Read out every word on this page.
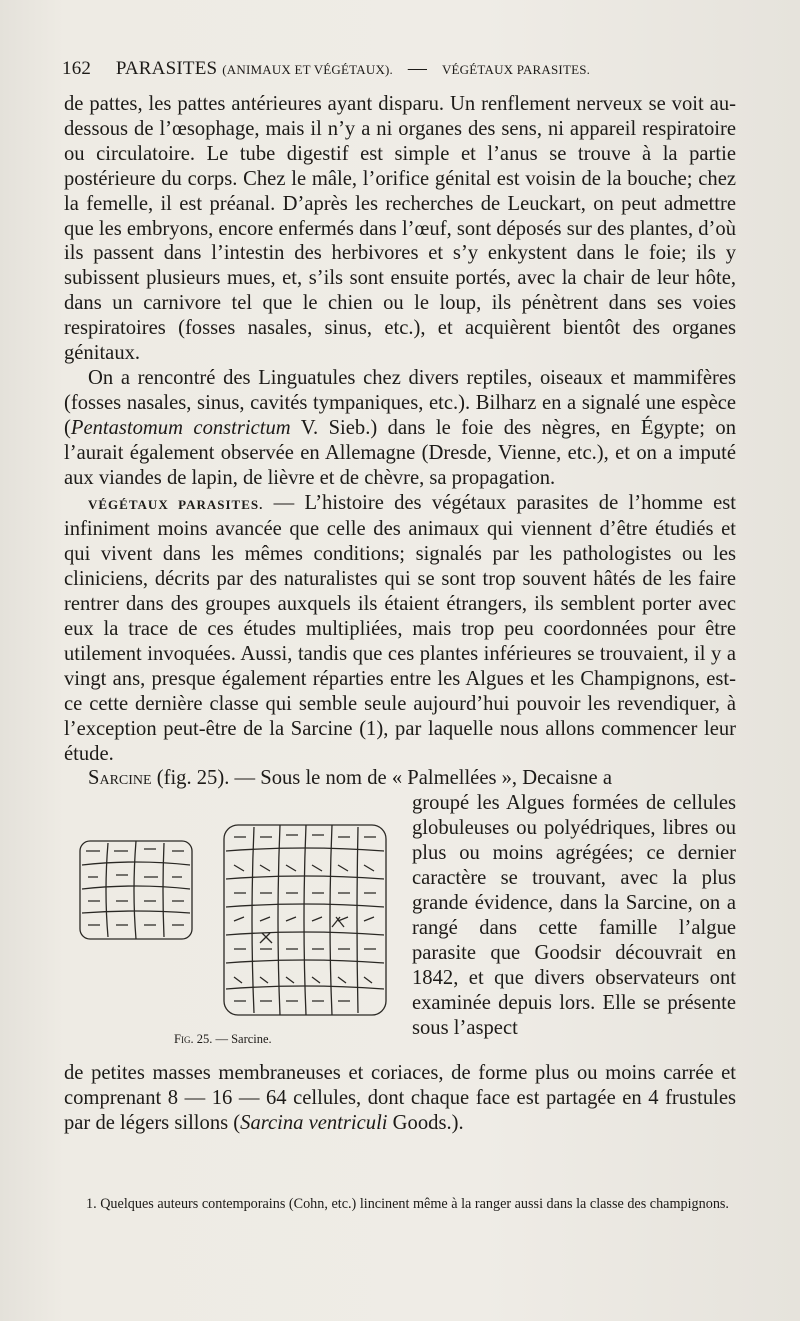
162 PARASITES (ANIMAUX ET VÉGÉTAUX). — VÉGÉTAUX PARASITES.

de pattes, les pattes antérieures ayant disparu. Un renflement nerveux se voit au-dessous de l’œsophage, mais il n’y a ni organes des sens, ni appareil respiratoire ou circulatoire. Le tube digestif est simple et l’anus se trouve à la partie postérieure du corps. Chez le mâle, l’orifice génital est voisin de la bouche; chez la femelle, il est préanal. D’après les recherches de Leuckart, on peut admettre que les embryons, encore enfermés dans l’œuf, sont déposés sur des plantes, d’où ils passent dans l’intestin des herbivores et s’y enkystent dans le foie; ils y subissent plusieurs mues, et, s’ils sont ensuite portés, avec la chair de leur hôte, dans un carnivore tel que le chien ou le loup, ils pénètrent dans ses voies respiratoires (fosses nasales, sinus, etc.), et acquièrent bientôt des organes génitaux.

On a rencontré des Linguatules chez divers reptiles, oiseaux et mammifères (fosses nasales, sinus, cavités tympaniques, etc.). Bilharz en a signalé une espèce (Pentastomum constrictum V. Sieb.) dans le foie des nègres, en Égypte; on l’aurait également observée en Allemagne (Dresde, Vienne, etc.), et on a imputé aux viandes de lapin, de lièvre et de chèvre, sa propagation.

VÉGÉTAUX PARASITES. — L’histoire des végétaux parasites de l’homme est infiniment moins avancée que celle des animaux qui viennent d’être étudiés et qui vivent dans les mêmes conditions; signalés par les pathologistes ou les cliniciens, décrits par des naturalistes qui se sont trop souvent hâtés de les faire rentrer dans des groupes auxquels ils étaient étrangers, ils semblent porter avec eux la trace de ces études multipliées, mais trop peu coordonnées pour être utilement invoquées. Aussi, tandis que ces plantes inférieures se trouvaient, il y a vingt ans, presque également réparties entre les Algues et les Champignons, est-ce cette dernière classe qui semble seule aujourd’hui pouvoir les revendiquer, à l’exception peut-être de la Sarcine (1), par laquelle nous allons commencer leur étude.

Sarcine (fig. 25). — Sous le nom de « Palmellées », Decaisne a

Fig. 25. — Sarcine.
groupé les Algues formées de cellules globuleuses ou polyédriques, libres ou plus ou moins agrégées; ce dernier caractère se trouvant, avec la plus grande évidence, dans la Sarcine, on a rangé dans cette famille l’algue parasite que Goodsir découvrait en 1842, et que divers observateurs ont examinée depuis lors. Elle se présente sous l’aspect

de petites masses membraneuses et coriaces, de forme plus ou moins carrée et comprenant 8 — 16 — 64 cellules, dont chaque face est partagée en 4 frustules par de légers sillons (Sarcina ventriculi Goods.).

1. Quelques auteurs contemporains (Cohn, etc.) lincinent même à la ranger aussi dans la classe des champignons.
